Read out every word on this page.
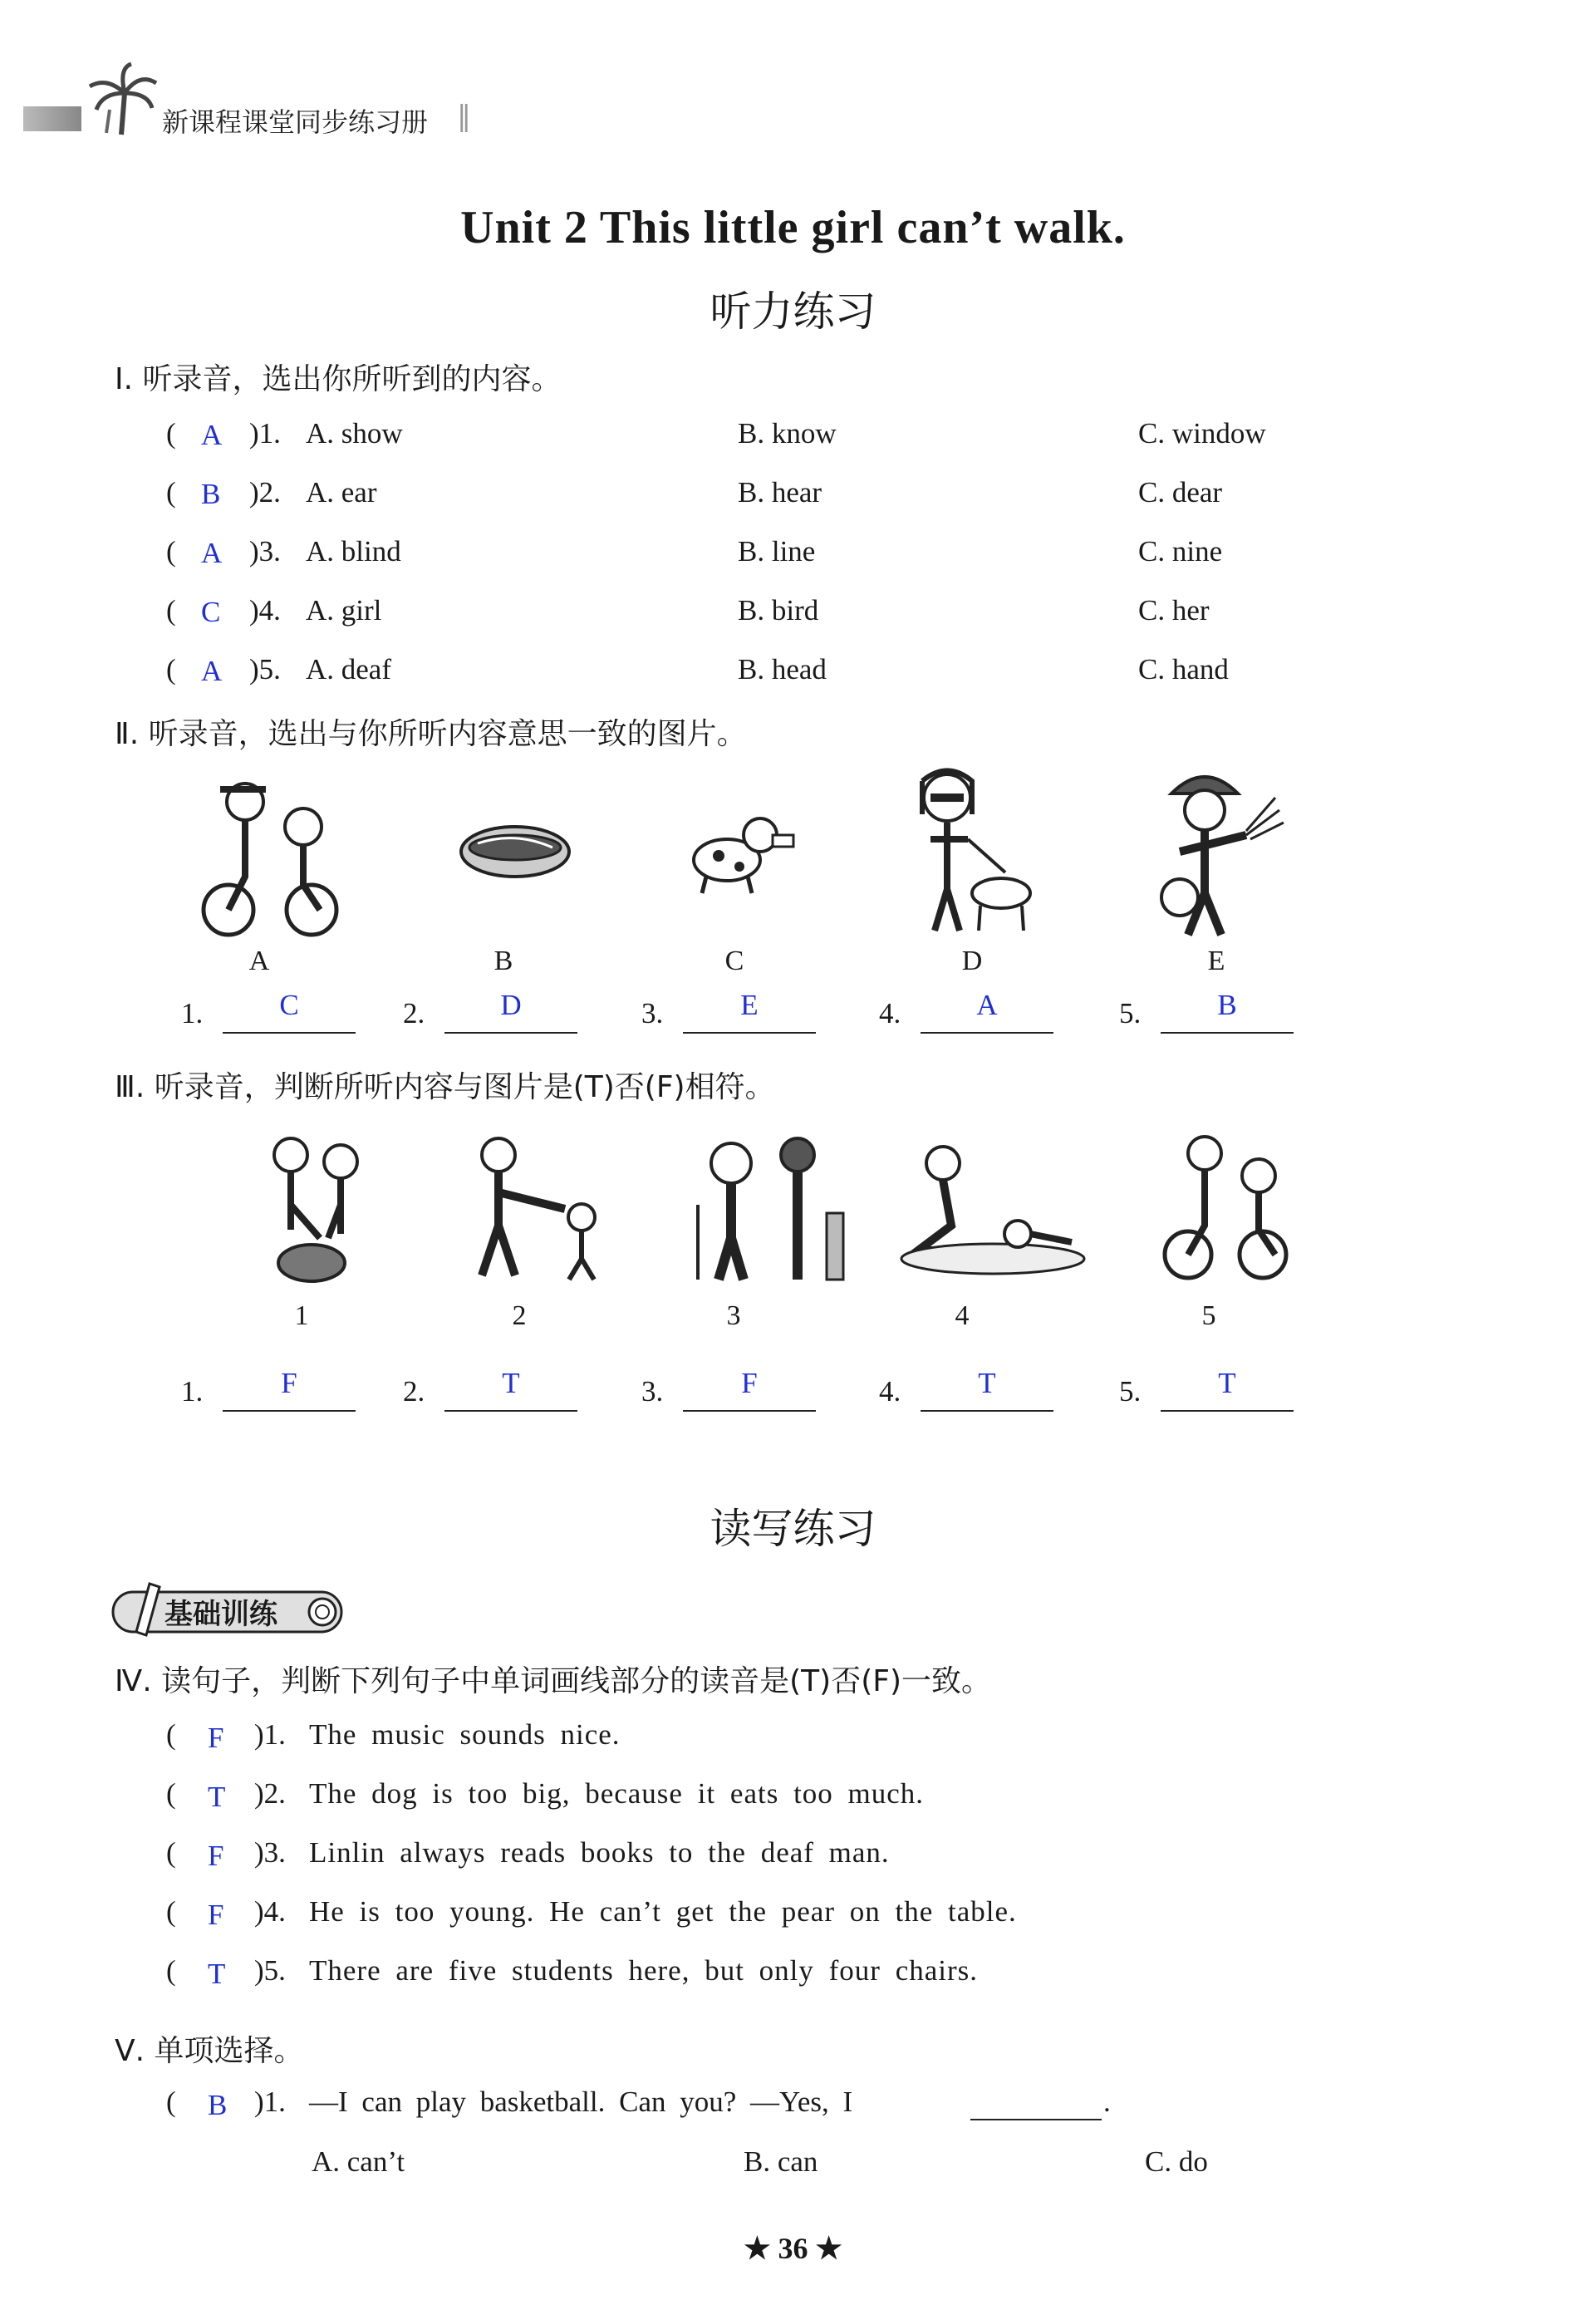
新课程课堂同步练习册 ‖
Unit 2 This little girl can’t walk.
听力练习
Ⅰ. 听录音，选出你所听到的内容。
( A )1. A. show	B. know	C. window
( B )2. A. ear	B. hear	C. dear
( A )3. A. blind	B. line	C. nine
( C )4. A. girl	B. bird	C. her
( A )5. A. deaf	B. head	C. hand
Ⅱ. 听录音，选出与你所听内容意思一致的图片。
A	B	C	D	E
1.	C	2.	D	3.	E	4.	A	5.	B
Ⅲ. 听录音，判断所听内容与图片是(T)否(F)相符。
1	2	3	4	5
1.	F	2.	T	3.	F	4.	T	5.	T
读写练习
基础训练
Ⅳ. 读句子，判断下列句子中单词画线部分的读音是(T)否(F)一致。
( F )1. The music sounds nice.
( T )2. The dog is too big, because it eats too much.
( F )3. Linlin always reads books to the deaf man.
( F )4. He is too young. He can’t get the pear on the table.
( T )5. There are five students here, but only four chairs.
Ⅴ. 单项选择。
( B )1. —I can play basketball. Can you? —Yes, I	.
A. can’t	B. can	C. do
★ 36 ★
